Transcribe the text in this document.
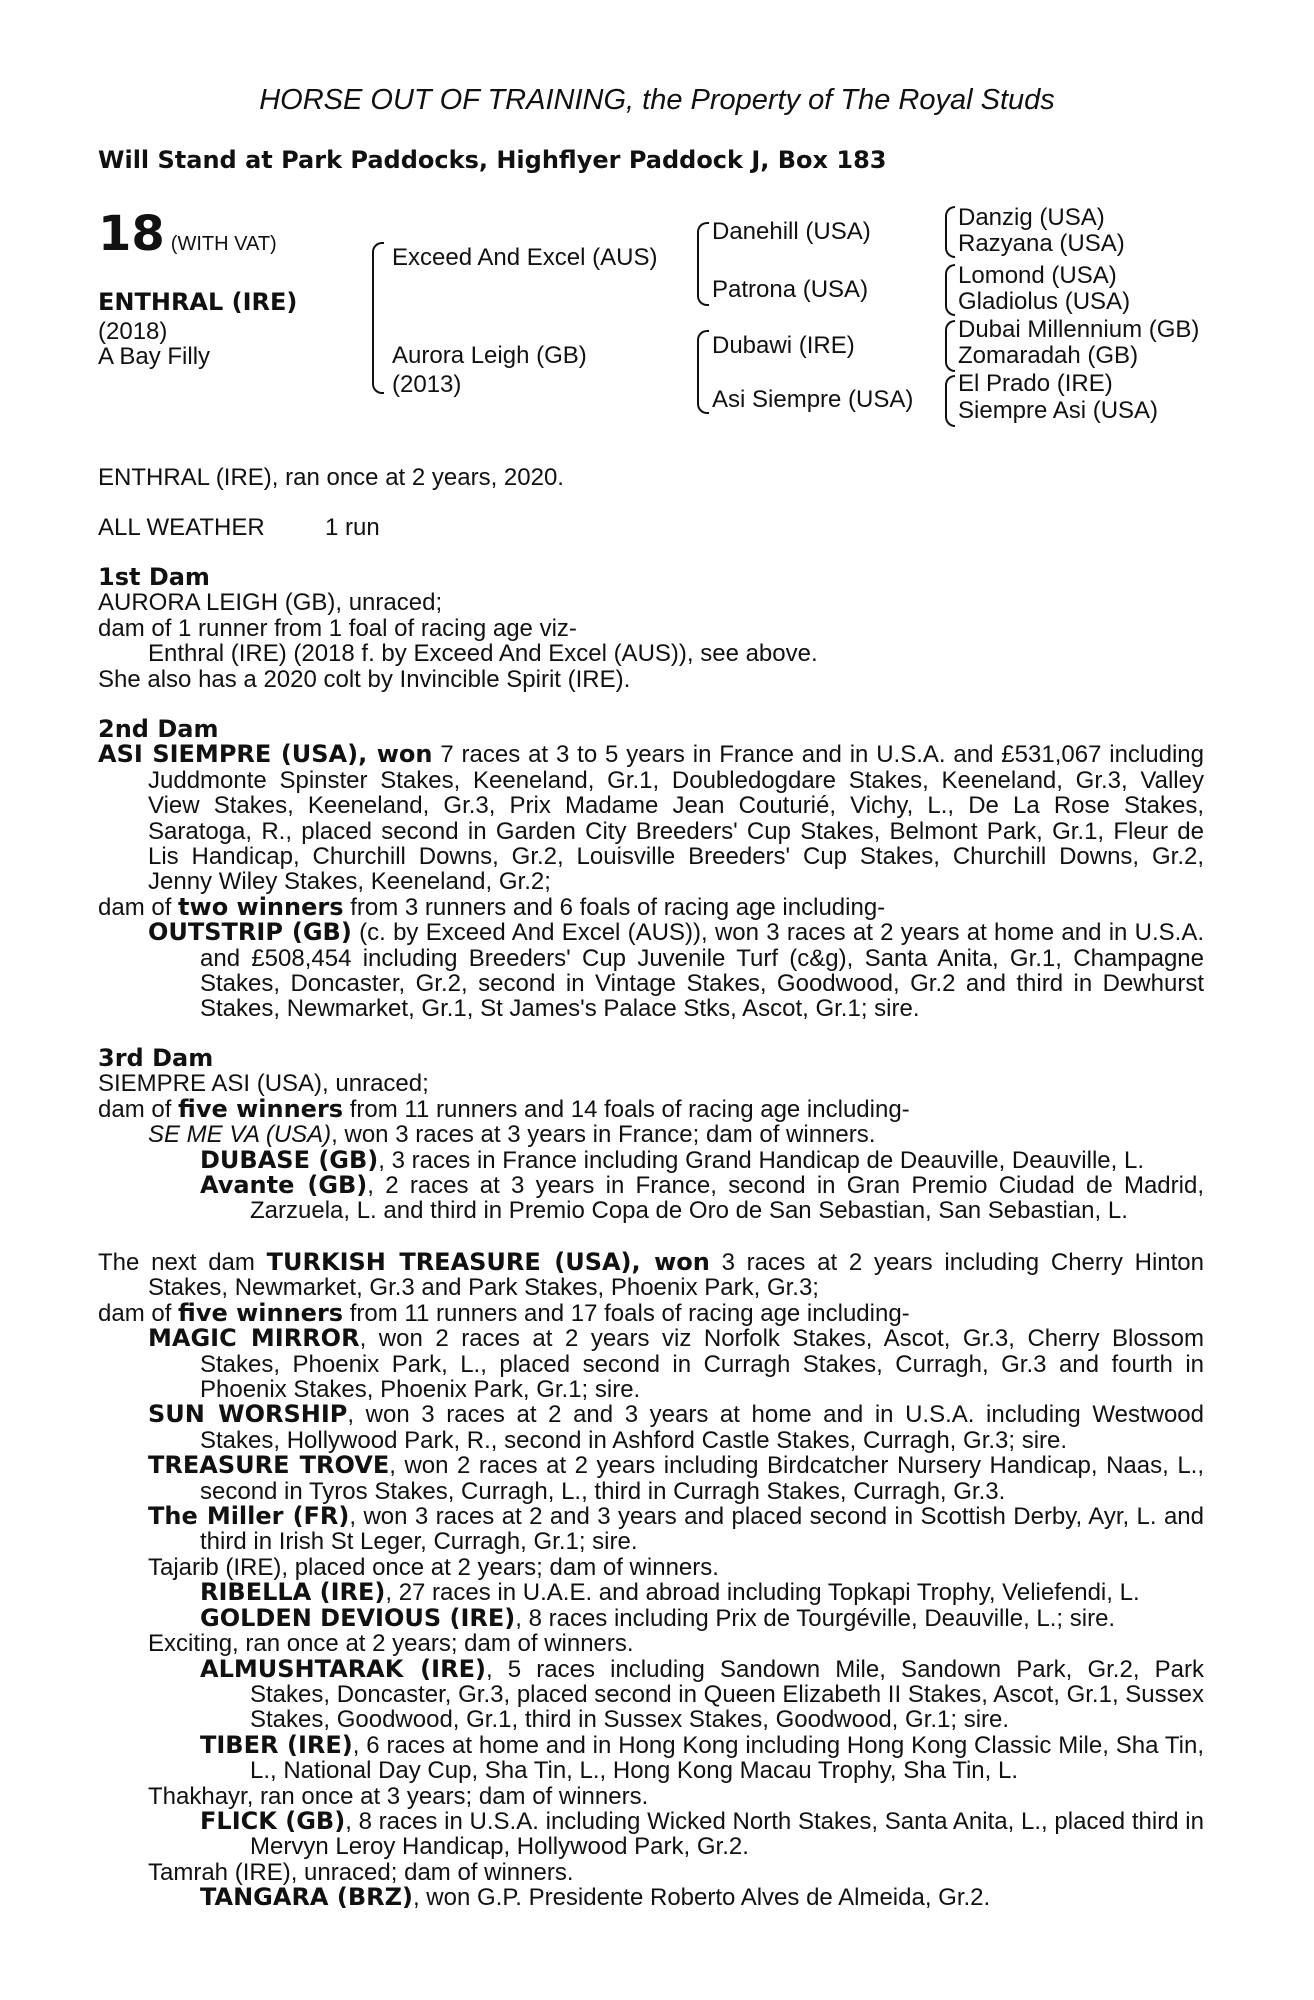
HORSE OUT OF TRAINING, the Property of The Royal Studs
Will Stand at Park Paddocks, Highflyer Paddock J, Box 183
18 (WITH VAT)
ENTHRAL (IRE)
(2018)
A Bay Filly
Exceed And Excel (AUS)
Aurora Leigh (GB)
(2013)
Danehill (USA)
Patrona (USA)
Dubawi (IRE)
Asi Siempre (USA)
Danzig (USA)
Razyana (USA)
Lomond (USA)
Gladiolus (USA)
Dubai Millennium (GB)
Zomaradah (GB)
El Prado (IRE)
Siempre Asi (USA)
ENTHRAL (IRE), ran once at 2 years, 2020.
ALL WEATHER	1 run

1st Dam

AURORA LEIGH (GB), unraced;

dam of 1 runner from 1 foal of racing age viz-

Enthral (IRE) (2018 f. by Exceed And Excel (AUS)), see above.

She also has a 2020 colt by Invincible Spirit (IRE).

2nd Dam

ASI SIEMPRE (USA), won 7 races at 3 to 5 years in France and in U.S.A. and £531,067 including Juddmonte Spinster Stakes, Keeneland, Gr.1, Doubledogdare Stakes, Keeneland, Gr.3, Valley View Stakes, Keeneland, Gr.3, Prix Madame Jean Couturié, Vichy, L., De La Rose Stakes, Saratoga, R., placed second in Garden City Breeders' Cup Stakes, Belmont Park, Gr.1, Fleur de Lis Handicap, Churchill Downs, Gr.2, Louisville Breeders' Cup Stakes, Churchill Downs, Gr.2, Jenny Wiley Stakes, Keeneland, Gr.2;

dam of two winners from 3 runners and 6 foals of racing age including-

OUTSTRIP (GB) (c. by Exceed And Excel (AUS)), won 3 races at 2 years at home and in U.S.A. and £508,454 including Breeders' Cup Juvenile Turf (c&g), Santa Anita, Gr.1, Champagne Stakes, Doncaster, Gr.2, second in Vintage Stakes, Goodwood, Gr.2 and third in Dewhurst Stakes, Newmarket, Gr.1, St James's Palace Stks, Ascot, Gr.1; sire.

3rd Dam

SIEMPRE ASI (USA), unraced;

dam of five winners from 11 runners and 14 foals of racing age including-

SE ME VA (USA), won 3 races at 3 years in France; dam of winners.

DUBASE (GB), 3 races in France including Grand Handicap de Deauville, Deauville, L.

Avante (GB), 2 races at 3 years in France, second in Gran Premio Ciudad de Madrid, Zarzuela, L. and third in Premio Copa de Oro de San Sebastian, San Sebastian, L.

The next dam TURKISH TREASURE (USA), won 3 races at 2 years including Cherry Hinton Stakes, Newmarket, Gr.3 and Park Stakes, Phoenix Park, Gr.3;

dam of five winners from 11 runners and 17 foals of racing age including-

MAGIC MIRROR, won 2 races at 2 years viz Norfolk Stakes, Ascot, Gr.3, Cherry Blossom Stakes, Phoenix Park, L., placed second in Curragh Stakes, Curragh, Gr.3 and fourth in Phoenix Stakes, Phoenix Park, Gr.1; sire.

SUN WORSHIP, won 3 races at 2 and 3 years at home and in U.S.A. including Westwood Stakes, Hollywood Park, R., second in Ashford Castle Stakes, Curragh, Gr.3; sire.

TREASURE TROVE, won 2 races at 2 years including Birdcatcher Nursery Handicap, Naas, L., second in Tyros Stakes, Curragh, L., third in Curragh Stakes, Curragh, Gr.3.

The Miller (FR), won 3 races at 2 and 3 years and placed second in Scottish Derby, Ayr, L. and third in Irish St Leger, Curragh, Gr.1; sire.

Tajarib (IRE), placed once at 2 years; dam of winners.

RIBELLA (IRE), 27 races in U.A.E. and abroad including Topkapi Trophy, Veliefendi, L.

GOLDEN DEVIOUS (IRE), 8 races including Prix de Tourgéville, Deauville, L.; sire.

Exciting, ran once at 2 years; dam of winners.

ALMUSHTARAK (IRE), 5 races including Sandown Mile, Sandown Park, Gr.2, Park Stakes, Doncaster, Gr.3, placed second in Queen Elizabeth II Stakes, Ascot, Gr.1, Sussex Stakes, Goodwood, Gr.1, third in Sussex Stakes, Goodwood, Gr.1; sire.

TIBER (IRE), 6 races at home and in Hong Kong including Hong Kong Classic Mile, Sha Tin, L., National Day Cup, Sha Tin, L., Hong Kong Macau Trophy, Sha Tin, L.

Thakhayr, ran once at 3 years; dam of winners.

FLICK (GB), 8 races in U.S.A. including Wicked North Stakes, Santa Anita, L., placed third in Mervyn Leroy Handicap, Hollywood Park, Gr.2.

Tamrah (IRE), unraced; dam of winners.

TANGARA (BRZ), won G.P. Presidente Roberto Alves de Almeida, Gr.2.
